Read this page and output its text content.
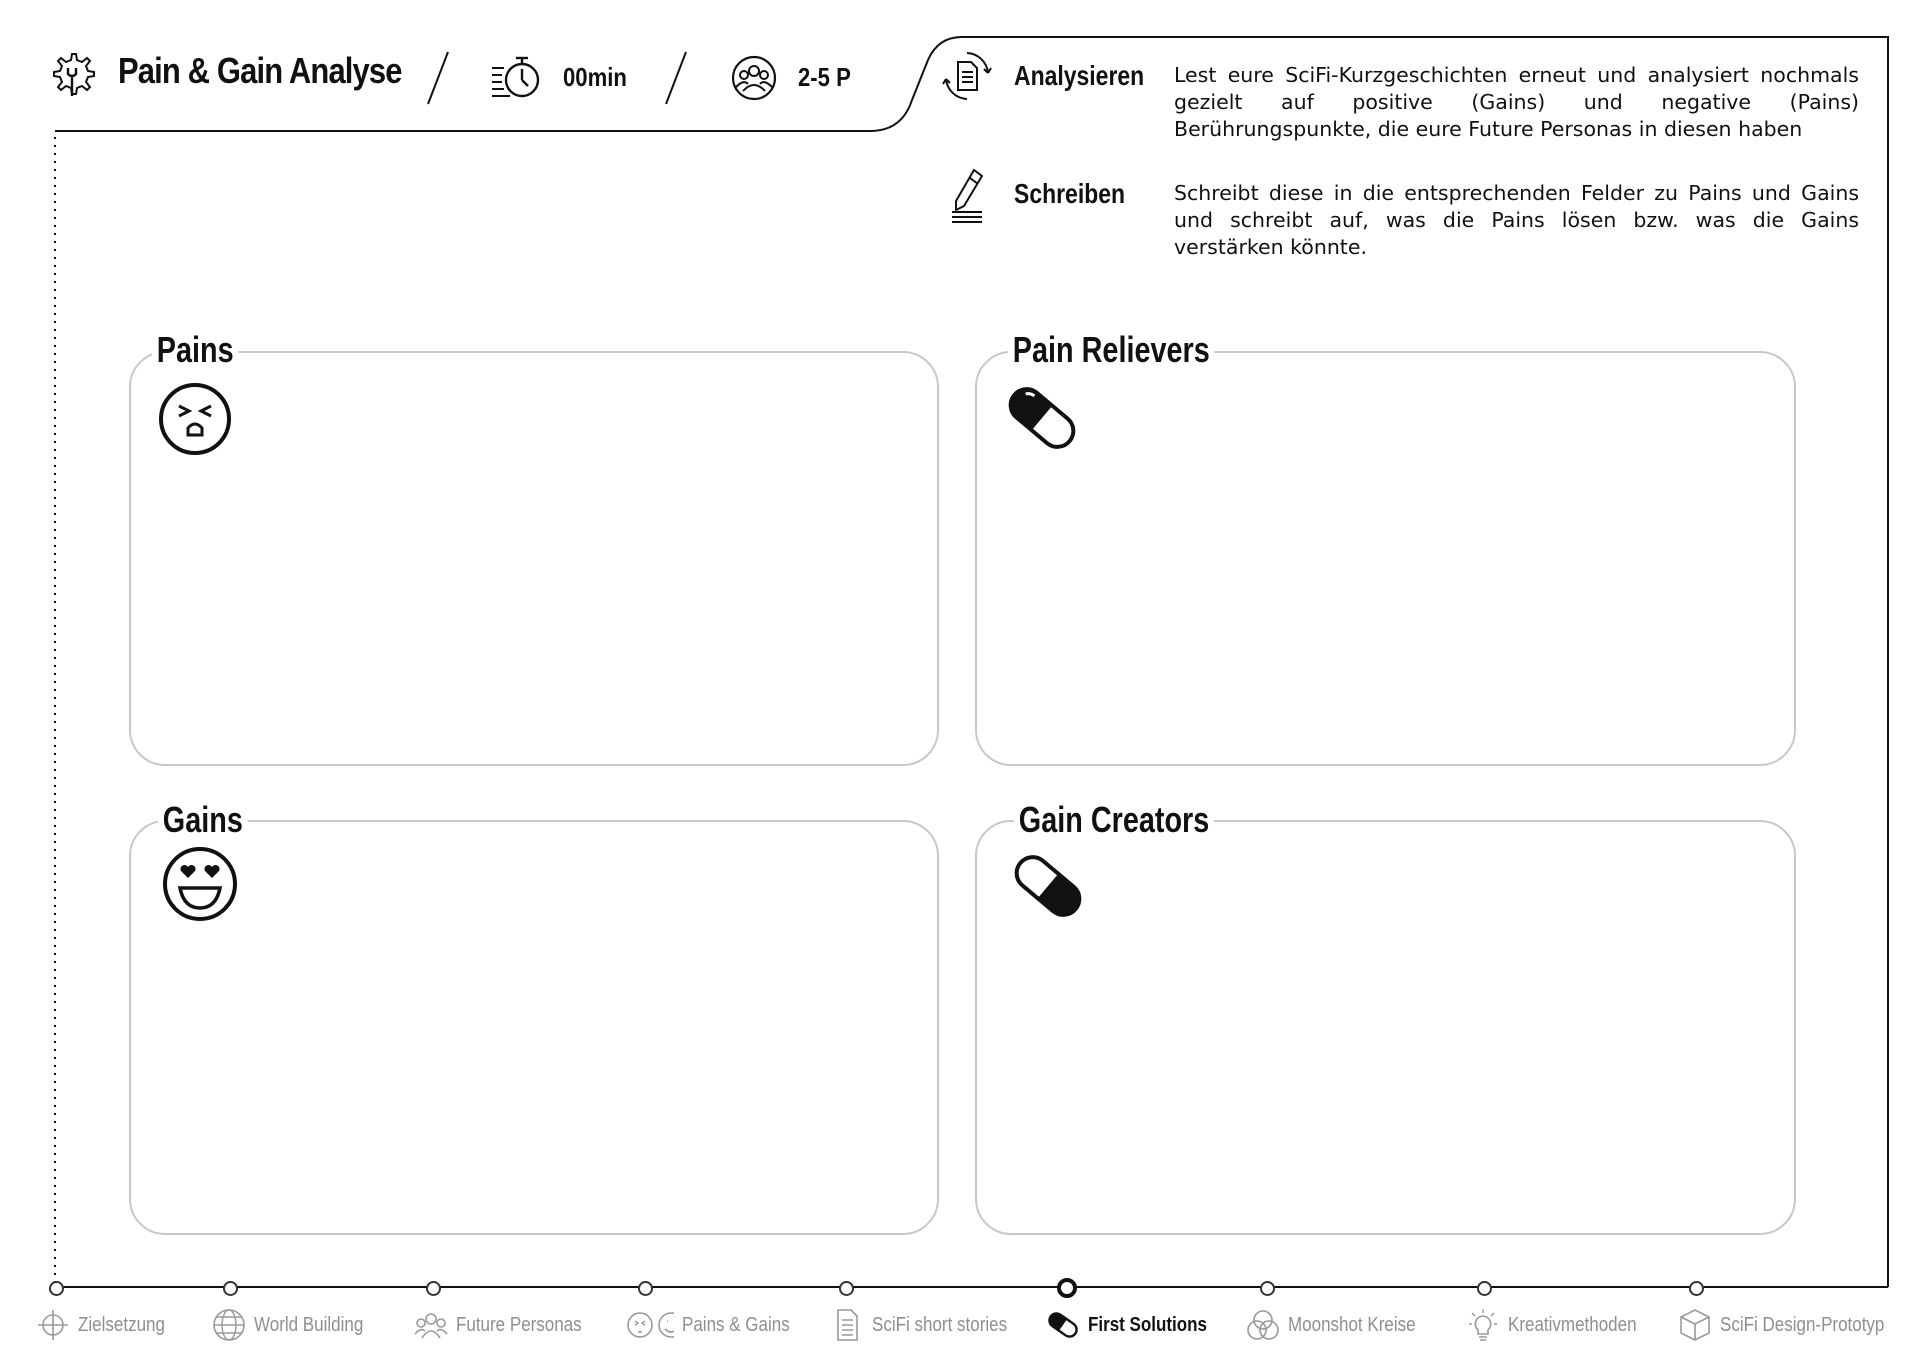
Pain & Gain Analyse	00min	2-5 P	Analysieren Lest eure SciFi-Kurzgeschichten erneut und analysiert nochmals gezielt auf positive (Gains) und negative (Pains) Berührungspunkte, die eure Future Personas in diesen haben
Schreiben Schreibt diese in die entsprechenden Felder zu Pains und Gains und schreibt auf, was die Pains lösen bzw. was die Gains verstärken könnte.
Pains	Pain Relievers
Gains	Gain Creators
Zielsetzung	World Building	Future Personas	Pains & Gains	SciFi short stories	First Solutions	Moonshot Kreise	Kreativmethoden	SciFi Design-Prototyp
